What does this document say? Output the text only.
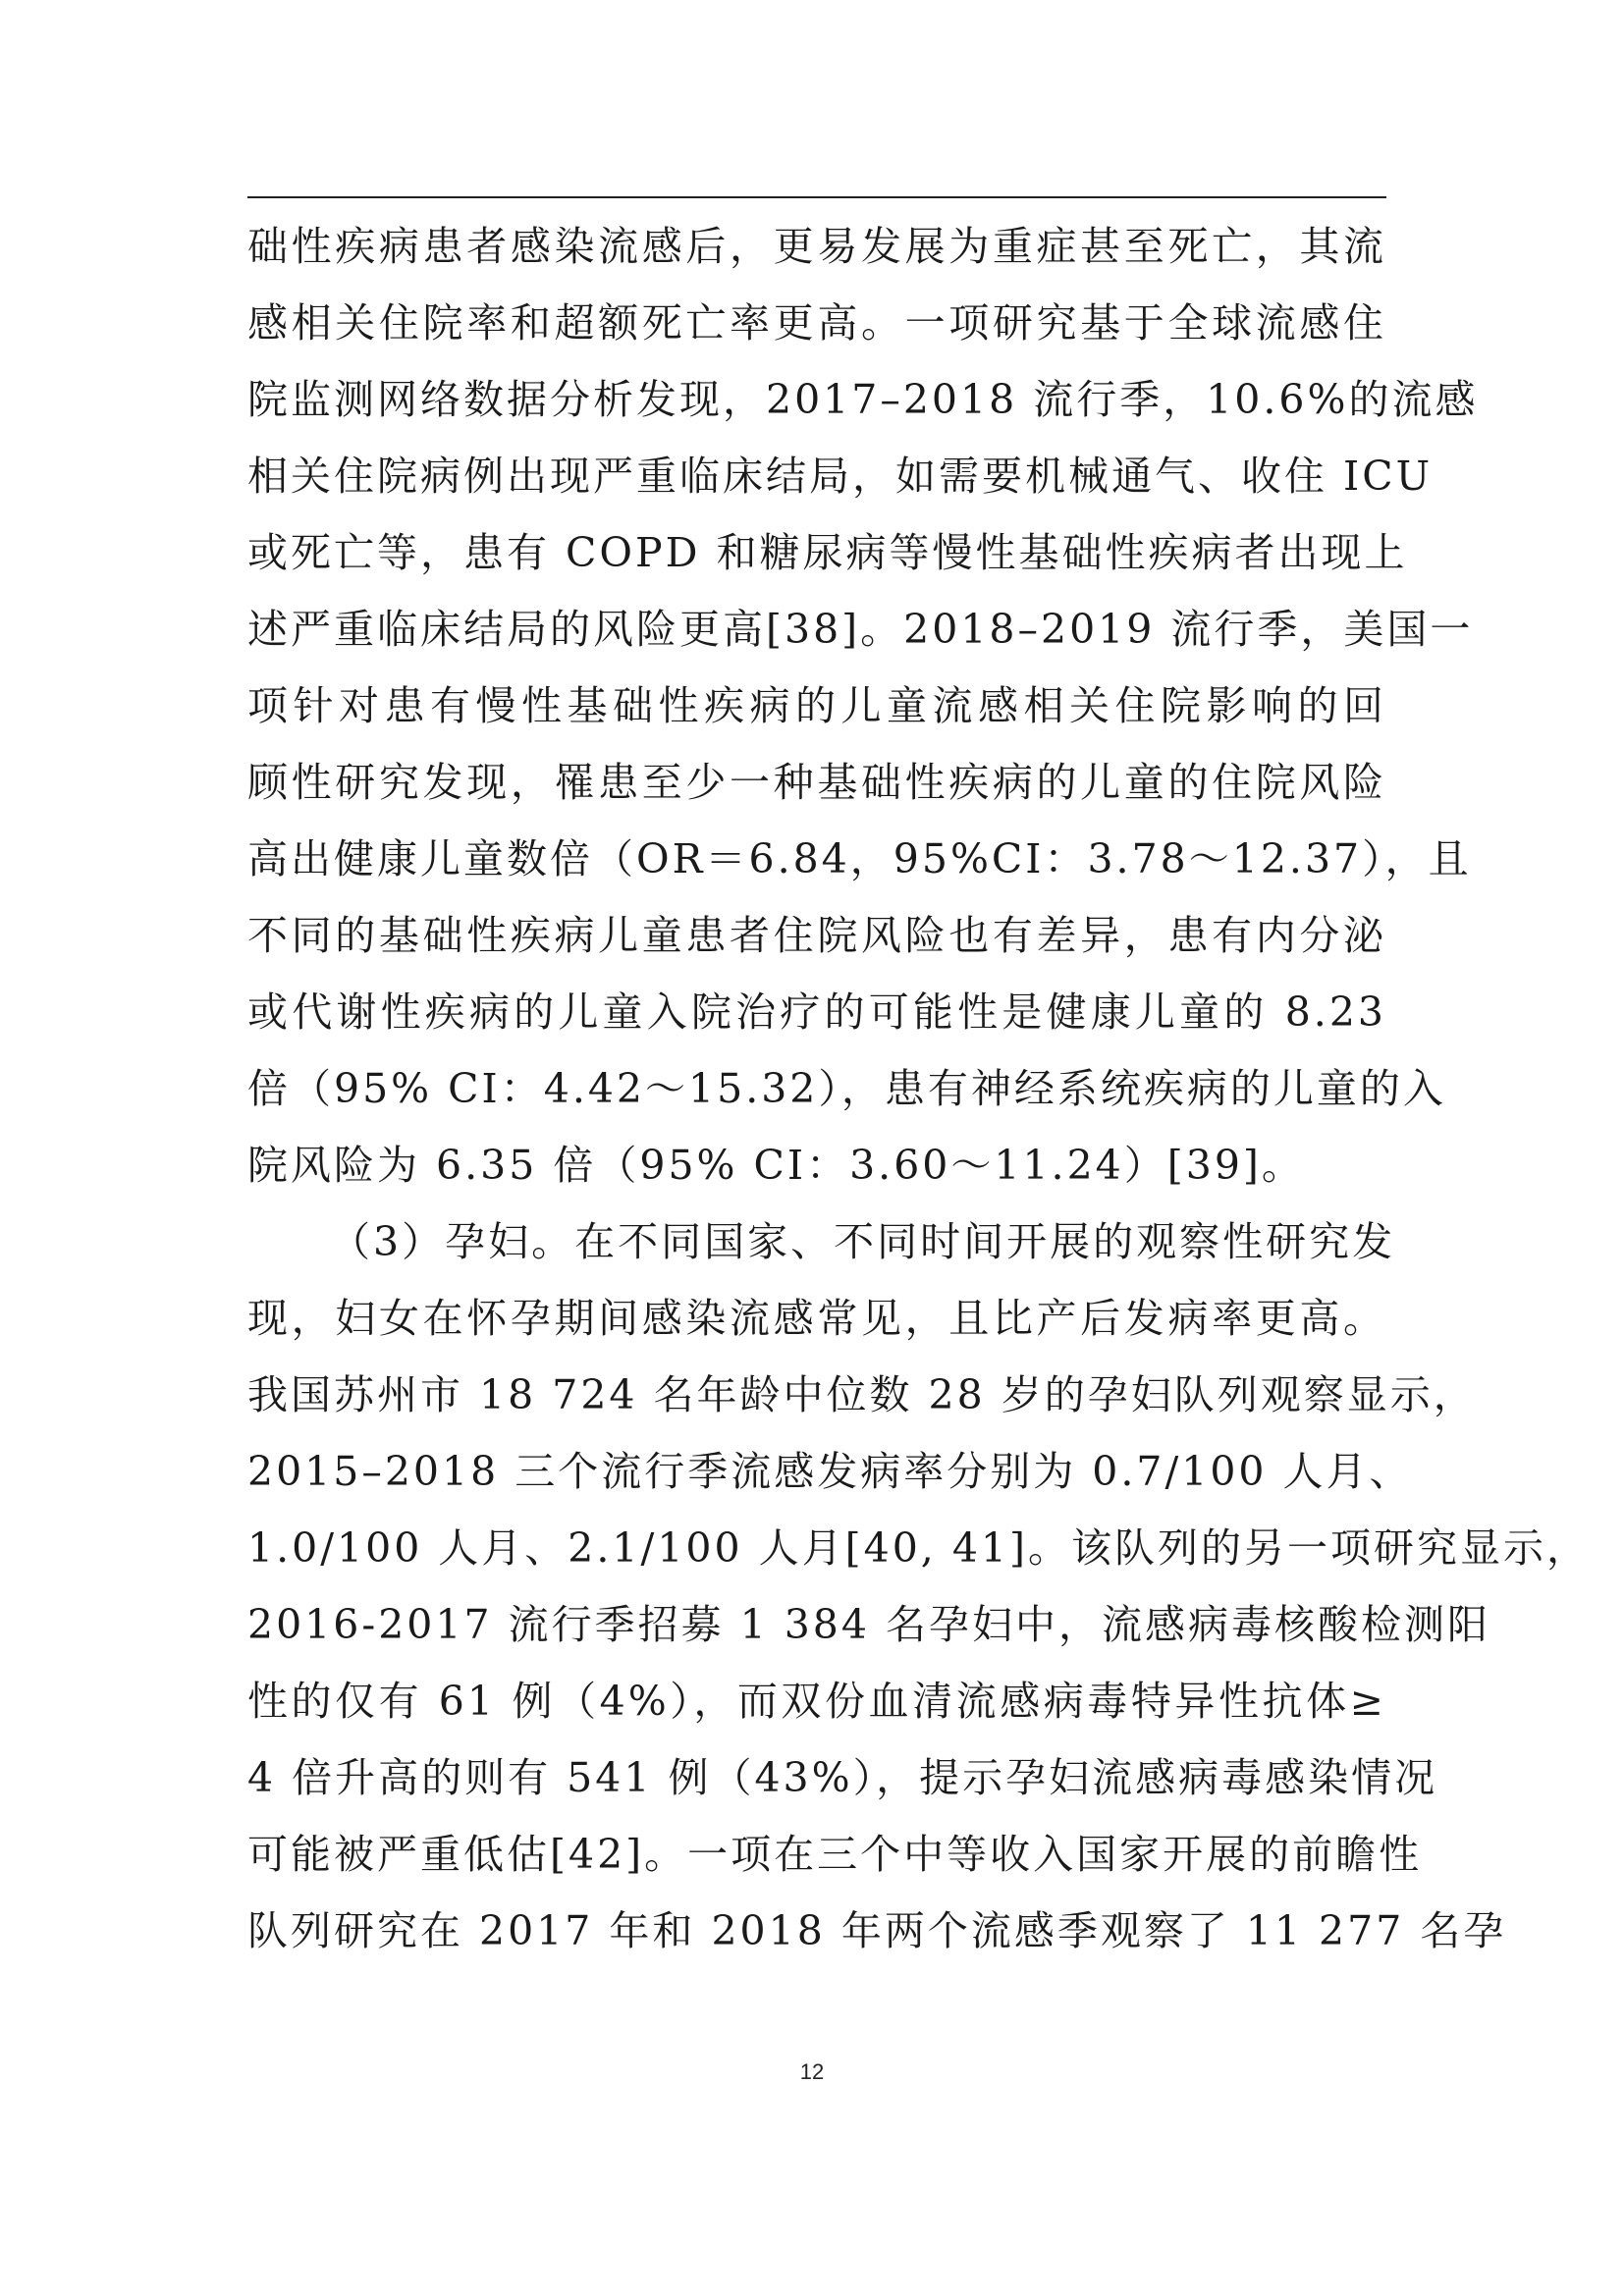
础性疾病患者感染流感后，更易发展为重症甚至死亡，其流
感相关住院率和超额死亡率更高。一项研究基于全球流感住
院监测网络数据分析发现，2017–2018 流行季，10.6%的流感
相关住院病例出现严重临床结局，如需要机械通气、收住 ICU
或死亡等，患有 COPD 和糖尿病等慢性基础性疾病者出现上
述严重临床结局的风险更高[38]。2018–2019 流行季，美国一
项针对患有慢性基础性疾病的儿童流感相关住院影响的回
顾性研究发现，罹患至少一种基础性疾病的儿童的住院风险
高出健康儿童数倍（OR＝6.84，95%CI：3.78～12.37），且
不同的基础性疾病儿童患者住院风险也有差异，患有内分泌
或代谢性疾病的儿童入院治疗的可能性是健康儿童的 8.23
倍（95% CI：4.42～15.32），患有神经系统疾病的儿童的入
院风险为 6.35 倍（95% CI：3.60～11.24）[39]。
（3）孕妇。在不同国家、不同时间开展的观察性研究发
现，妇女在怀孕期间感染流感常见，且比产后发病率更高。
我国苏州市 18 724 名年龄中位数 28 岁的孕妇队列观察显示，
2015–2018 三个流行季流感发病率分别为 0.7/100 人月、
1.0/100 人月、2.1/100 人月[40, 41]。该队列的另一项研究显示，
2016-2017 流行季招募 1 384 名孕妇中，流感病毒核酸检测阳
性的仅有 61 例（4%），而双份血清流感病毒特异性抗体≥
4 倍升高的则有 541 例（43%），提示孕妇流感病毒感染情况
可能被严重低估[42]。一项在三个中等收入国家开展的前瞻性
队列研究在 2017 年和 2018 年两个流感季观察了 11 277 名孕
12
